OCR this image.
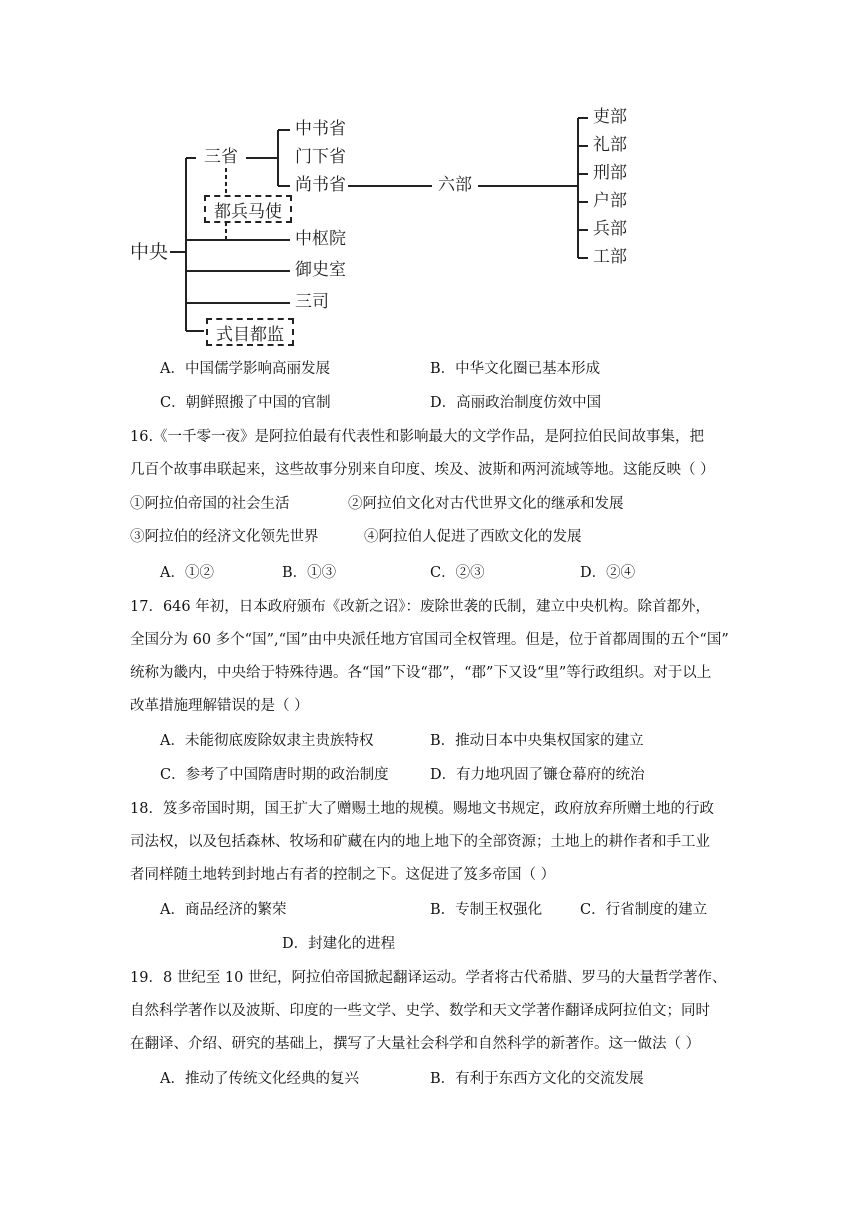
中央
三省
中书省
门下省
尚书省	六部
都兵马使
中枢院
御史室
三司
式目都监
吏部
礼部
刑部
户部
兵部
工部
A．中国儒学影响高丽发展	B．中华文化圈已基本形成
C．朝鲜照搬了中国的官制	D．高丽政治制度仿效中国
16.《一千零一夜》是阿拉伯最有代表性和影响最大的文学作品，是阿拉伯民间故事集，把
几百个故事串联起来，这些故事分别来自印度、埃及、波斯和两河流域等地。这能反映（ ）
①阿拉伯帝国的社会生活	②阿拉伯文化对古代世界文化的继承和发展
③阿拉伯的经济文化领先世界	④阿拉伯人促进了西欧文化的发展
A．①②	B．①③	C．②③	D．②④
17．646 年初，日本政府颁布《改新之诏》：废除世袭的氏制，建立中央机构。除首都外，
全国分为 60 多个“国”,“国”由中央派任地方官国司全权管理。但是，位于首都周围的五个“国”
统称为畿内，中央给于特殊待遇。各“国”下设“郡”，“郡”下又设“里”等行政组织。对于以上
改革措施理解错误的是（ ）
A．未能彻底废除奴隶主贵族特权	B．推动日本中央集权国家的建立
C．参考了中国隋唐时期的政治制度	D．有力地巩固了镰仓幕府的统治
18．笈多帝国时期，国王扩大了赠赐土地的规模。赐地文书规定，政府放弃所赠土地的行政
司法权，以及包括森林、牧场和矿藏在内的地上地下的全部资源；土地上的耕作者和手工业
者同样随土地转到封地占有者的控制之下。这促进了笈多帝国（ ）
A．商品经济的繁荣	B．专制王权强化	C．行省制度的建立
D．封建化的进程
19．8 世纪至 10 世纪，阿拉伯帝国掀起翻译运动。学者将古代希腊、罗马的大量哲学著作、
自然科学著作以及波斯、印度的一些文学、史学、数学和天文学著作翻译成阿拉伯文；同时
在翻译、介绍、研究的基础上，撰写了大量社会科学和自然科学的新著作。这一做法（ ）
A．推动了传统文化经典的复兴	B．有利于东西方文化的交流发展
